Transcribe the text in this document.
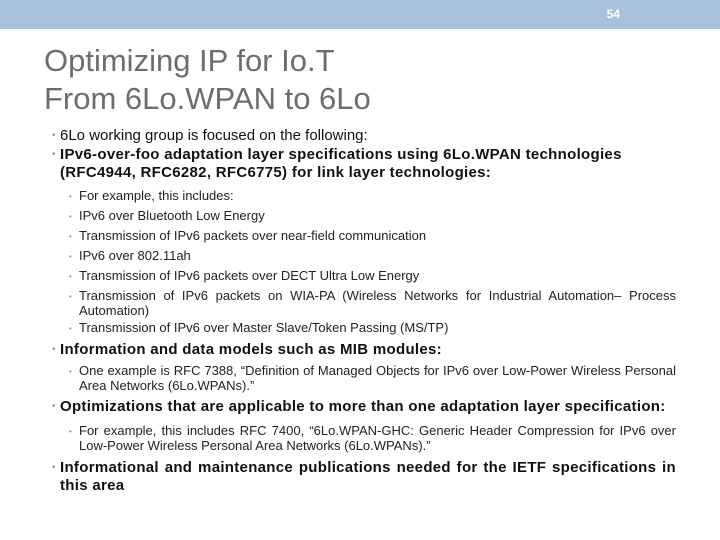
54
Optimizing IP for Io.T
From 6Lo.WPAN to 6Lo
• 6Lo working group is focused on the following:
• IPv6-over-foo adaptation layer specifications using 6Lo.WPAN technologies (RFC4944, RFC6282, RFC6775) for link layer technologies:
• For example, this includes:
• IPv6 over Bluetooth Low Energy
• Transmission of IPv6 packets over near-field communication
• IPv6 over 802.11ah
• Transmission of IPv6 packets over DECT Ultra Low Energy
• Transmission of IPv6 packets on WIA-PA (Wireless Networks for Industrial Automation– Process Automation)
• Transmission of IPv6 over Master Slave/Token Passing (MS/TP)
• Information and data models such as MIB modules:
• One example is RFC 7388, “Definition of Managed Objects for IPv6 over Low-Power Wireless Personal Area Networks (6Lo.WPANs).”
• Optimizations that are applicable to more than one adaptation layer specification:
• For example, this includes RFC 7400, “6Lo.WPAN-GHC: Generic Header Compression for IPv6 over Low-Power Wireless Personal Area Networks (6Lo.WPANs).”
• Informational and maintenance publications needed for the IETF specifications in this area
